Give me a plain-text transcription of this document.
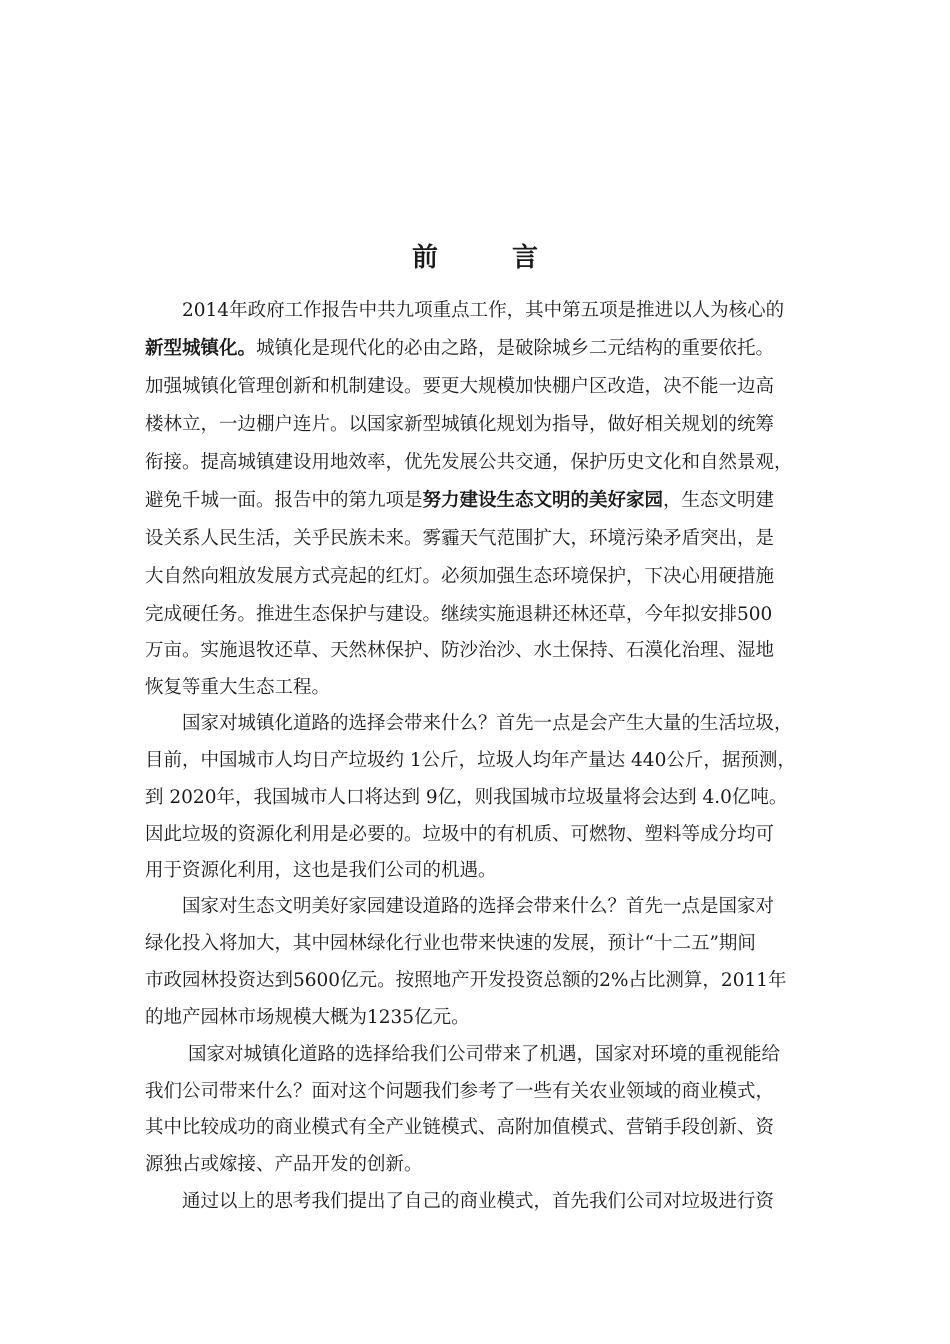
前　言
2014年政府工作报告中共九项重点工作，其中第五项是推进以人为核心的
新型城镇化。城镇化是现代化的必由之路，是破除城乡二元结构的重要依托。
加强城镇化管理创新和机制建设。要更大规模加快棚户区改造，决不能一边高
楼林立，一边棚户连片。以国家新型城镇化规划为指导，做好相关规划的统筹
衔接。提高城镇建设用地效率，优先发展公共交通，保护历史文化和自然景观，
避免千城一面。报告中的第九项是努力建设生态文明的美好家园，生态文明建
设关系人民生活，关乎民族未来。雾霾天气范围扩大，环境污染矛盾突出，是
大自然向粗放发展方式亮起的红灯。必须加强生态环境保护，下决心用硬措施
完成硬任务。推进生态保护与建设。继续实施退耕还林还草，今年拟安排500
万亩。实施退牧还草、天然林保护、防沙治沙、水土保持、石漠化治理、湿地
恢复等重大生态工程。
国家对城镇化道路的选择会带来什么？首先一点是会产生大量的生活垃圾，
目前，中国城市人均日产垃圾约 1公斤，垃圾人均年产量达 440公斤，据预测，
到 2020年，我国城市人口将达到 9亿，则我国城市垃圾量将会达到 4.0亿吨。
因此垃圾的资源化利用是必要的。垃圾中的有机质、可燃物、塑料等成分均可
用于资源化利用，这也是我们公司的机遇。
国家对生态文明美好家园建设道路的选择会带来什么？首先一点是国家对
绿化投入将加大，其中园林绿化行业也带来快速的发展，预计“十二五”期间
市政园林投资达到5600亿元。按照地产开发投资总额的2%占比测算，2011年
的地产园林市场规模大概为1235亿元。
国家对城镇化道路的选择给我们公司带来了机遇，国家对环境的重视能给
我们公司带来什么？面对这个问题我们参考了一些有关农业领域的商业模式，
其中比较成功的商业模式有全产业链模式、高附加值模式、营销手段创新、资
源独占或嫁接、产品开发的创新。
通过以上的思考我们提出了自己的商业模式，首先我们公司对垃圾进行资
